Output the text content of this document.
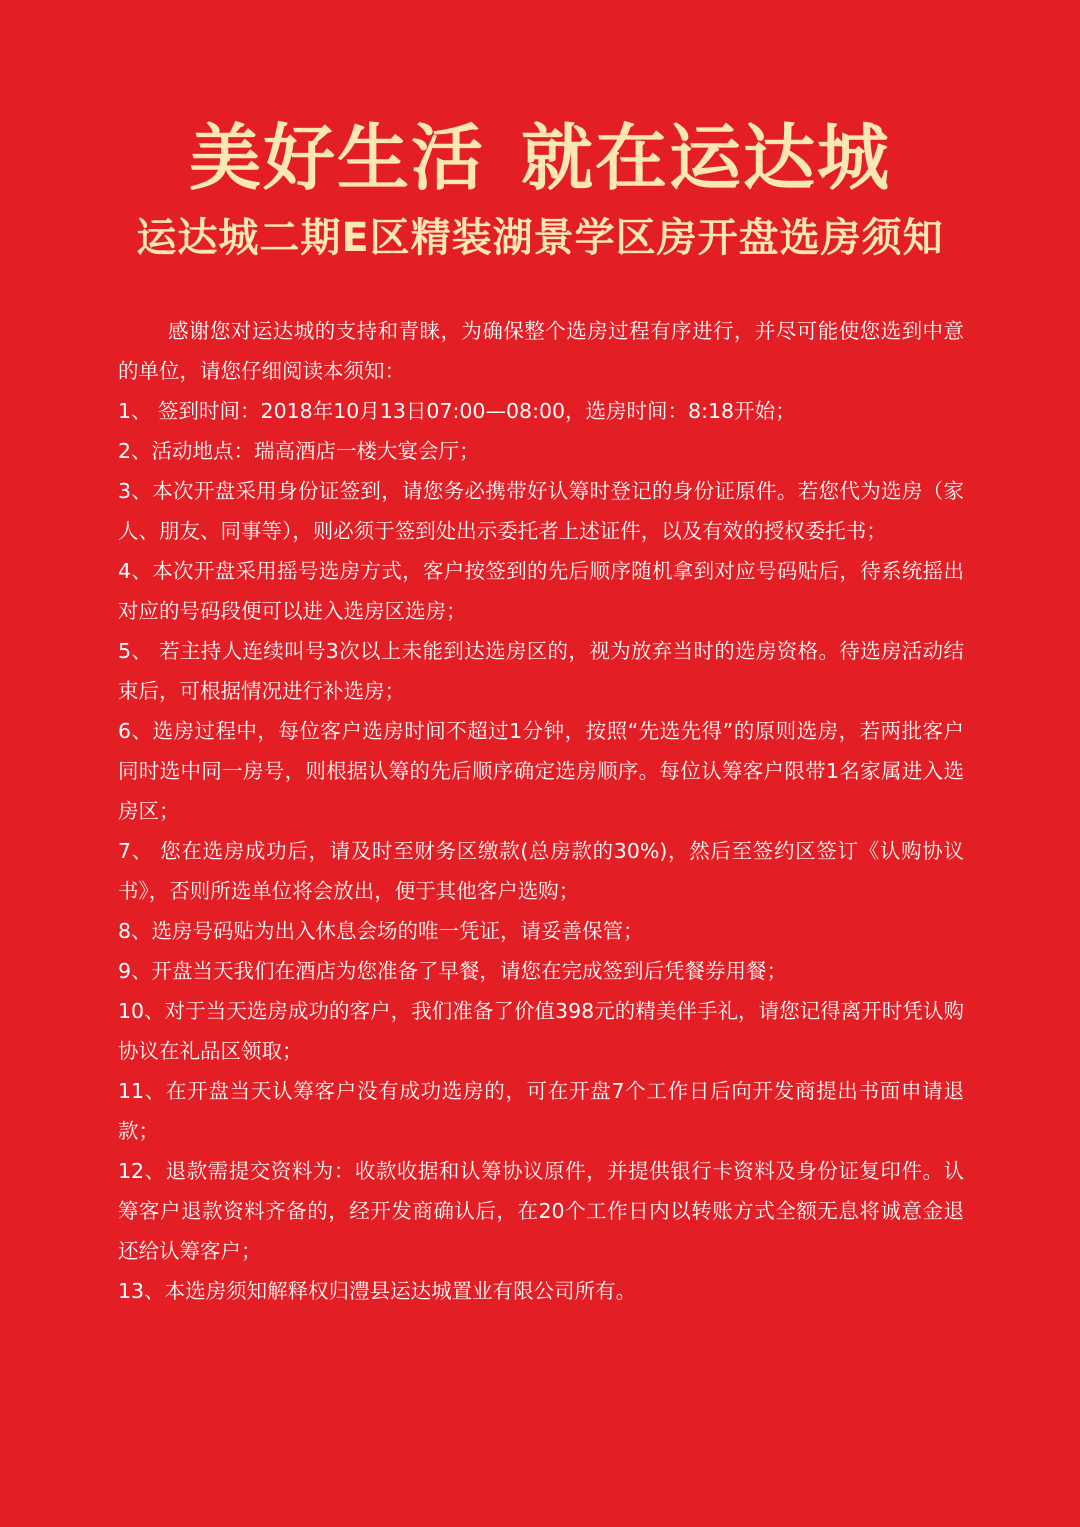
美好生活 就在运达城
运达城二期E区精装湖景学区房开盘选房须知

感谢您对运达城的支持和青睐，为确保整个选房过程有序进行，并尽可能使您选到中意的单位，请您仔细阅读本须知：

1、 签到时间：2018年10月13日07:00—08:00，选房时间：8:18开始；

2、活动地点：瑞高酒店一楼大宴会厅；

3、本次开盘采用身份证签到，请您务必携带好认筹时登记的身份证原件。若您代为选房（家人、朋友、同事等），则必须于签到处出示委托者上述证件，以及有效的授权委托书；

4、本次开盘采用摇号选房方式，客户按签到的先后顺序随机拿到对应号码贴后，待系统摇出对应的号码段便可以进入选房区选房；

5、 若主持人连续叫号3次以上未能到达选房区的，视为放弃当时的选房资格。待选房活动结束后，可根据情况进行补选房；

6、选房过程中，每位客户选房时间不超过1分钟，按照“先选先得”的原则选房，若两批客户同时选中同一房号，则根据认筹的先后顺序确定选房顺序。每位认筹客户限带1名家属进入选房区；

7、 您在选房成功后，请及时至财务区缴款(总房款的30%)，然后至签约区签订《认购协议书》，否则所选单位将会放出，便于其他客户选购；

8、选房号码贴为出入休息会场的唯一凭证，请妥善保管；

9、开盘当天我们在酒店为您准备了早餐，请您在完成签到后凭餐券用餐；

10、对于当天选房成功的客户，我们准备了价值398元的精美伴手礼，请您记得离开时凭认购协议在礼品区领取；

11、在开盘当天认筹客户没有成功选房的，可在开盘7个工作日后向开发商提出书面申请退款；

12、退款需提交资料为：收款收据和认筹协议原件，并提供银行卡资料及身份证复印件。认筹客户退款资料齐备的，经开发商确认后，在20个工作日内以转账方式全额无息将诚意金退还给认筹客户；

13、本选房须知解释权归澧县运达城置业有限公司所有。
